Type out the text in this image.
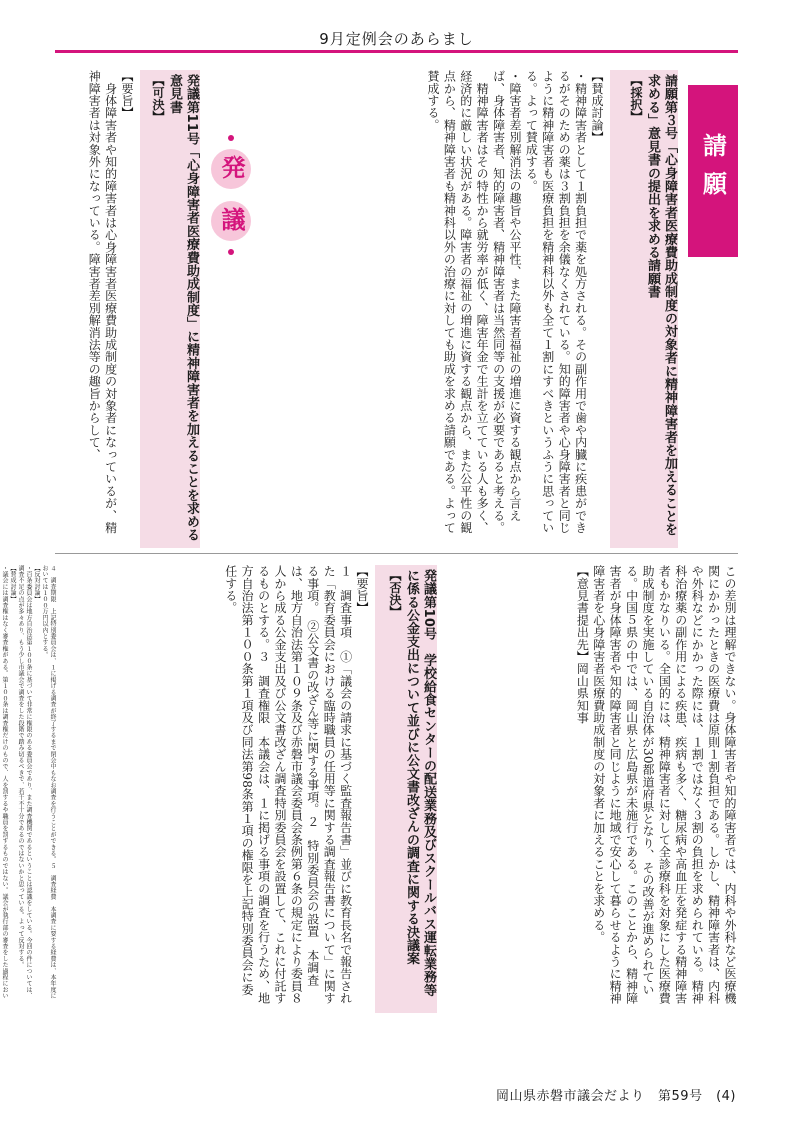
9月定例会のあらまし
請願

請願第３号「心身障害者医療費助成制度の対象者に精神障害者を加えることを求める」意見書の提出を求める請願書

【採択】

【賛成討論】

・精神障害者として１割負担で薬を処方される。その副作用で歯や内臓に疾患ができるがそのための薬は３割負担を余儀なくされている。知的障害者や心身障害者と同じように精神障害者も医療負担を精神科以外も全て１割にすべきというふうに思っている。よって賛成する。

・障害者差別解消法の趣旨や公平性、また障害者福祉の増進に資する観点から言えば、身体障害者、知的障害者、精神障害者は当然同等の支援が必要であると考える。

　精神障害者はその特性から就労率が低く、障害年金で生計を立てている人も多く、経済的に厳しい状況がある。障害者の福祉の増進に資する観点から、また公平性の観点から、精神障害者も精神科以外の治療に対しても助成を求める請願である。よって賛成する。

発
議

発議第11号「心身障害者医療費助成制度」に精神障害者を加えることを求める意見書

【可決】

【要旨】

　身体障害者や知的障害者は心身障害者医療費助成制度の対象者になっているが、精神障害者は対象外になっている。障害者差別解消法等の趣旨からして、

この差別は理解できない。身体障害者や知的障害者では、内科や外科など医療機関にかかったときの医療費は原則１割負担である。しかし、精神障害者は、内科や外科などにかかった際には、１割ではなく３割の負担を求められている。精神科治療薬の副作用による疾患、疾病も多く、糖尿病や高血圧を発症する精神障害者もかなりいる。全国的には、精神障害者に対して全診療科を対象にした医療費助成制度を実施している自治体が30都道府県となり、その改善が進められている。中国５県の中では、岡山県と広島県が未施行である。このことから、精神障害者が身体障害者や知的障害者と同じように地域で安心して暮らせるように精神障害者を心身障害者医療費助成制度の対象者に加えることを求める。

【意見書提出先】岡山県知事

発議第10号　学校給食センターの配送業務及びスクールバス運転業務等に係る公金支出について並びに公文書改ざんの調査に関する決議案

【否決】

【要旨】

１　調査事項　①「議会の請求に基づく監査報告書」並びに教育長名で報告された「教育委員会における臨時職員の任用等に関する調査報告書について」に関する事項。　②公文書の改ざん等に関する事項。２　特別委員会の設置　本調査は、地方自治法第１０９条及び赤磐市議会委員会条例第６条の規定により委員８人から成る公金支出及び公文書改ざん調査特別委員会を設置して、これに付託するものとする。３　調査権限　本議会は、１に掲げる事項の調査を行うため、地方自治法第１００条第１項及び同法第98条第１項の権限を上記特別委員会に委任する。

岡山県赤磐市議会だより　第59号　(4)

４　調査期限　上記特別委員会は、１に掲げる調査が終了するまで閉会中もなお調査を行うことができる。５　調査経費　本調査に要する経費は、本年度においては１００万円以内とする。

【反対討論】

・百条委員会は地方自治法第１００条に基づいて非常に権限のある委員会であり、また調査機関であるということは認識をしている。今回の件については、調査不足の点が多々あり、もう少し市議会で調査をした段階で踏み切るべきで、若干不十分であるのではないかと思っている。よって反対する。

【賛成討論】

・議会には調査権はなく審査権がある。第１００条は調査権だけのもので、人を罰するや職員を罰するものではない。議会が執行部の審査をした過程におい
